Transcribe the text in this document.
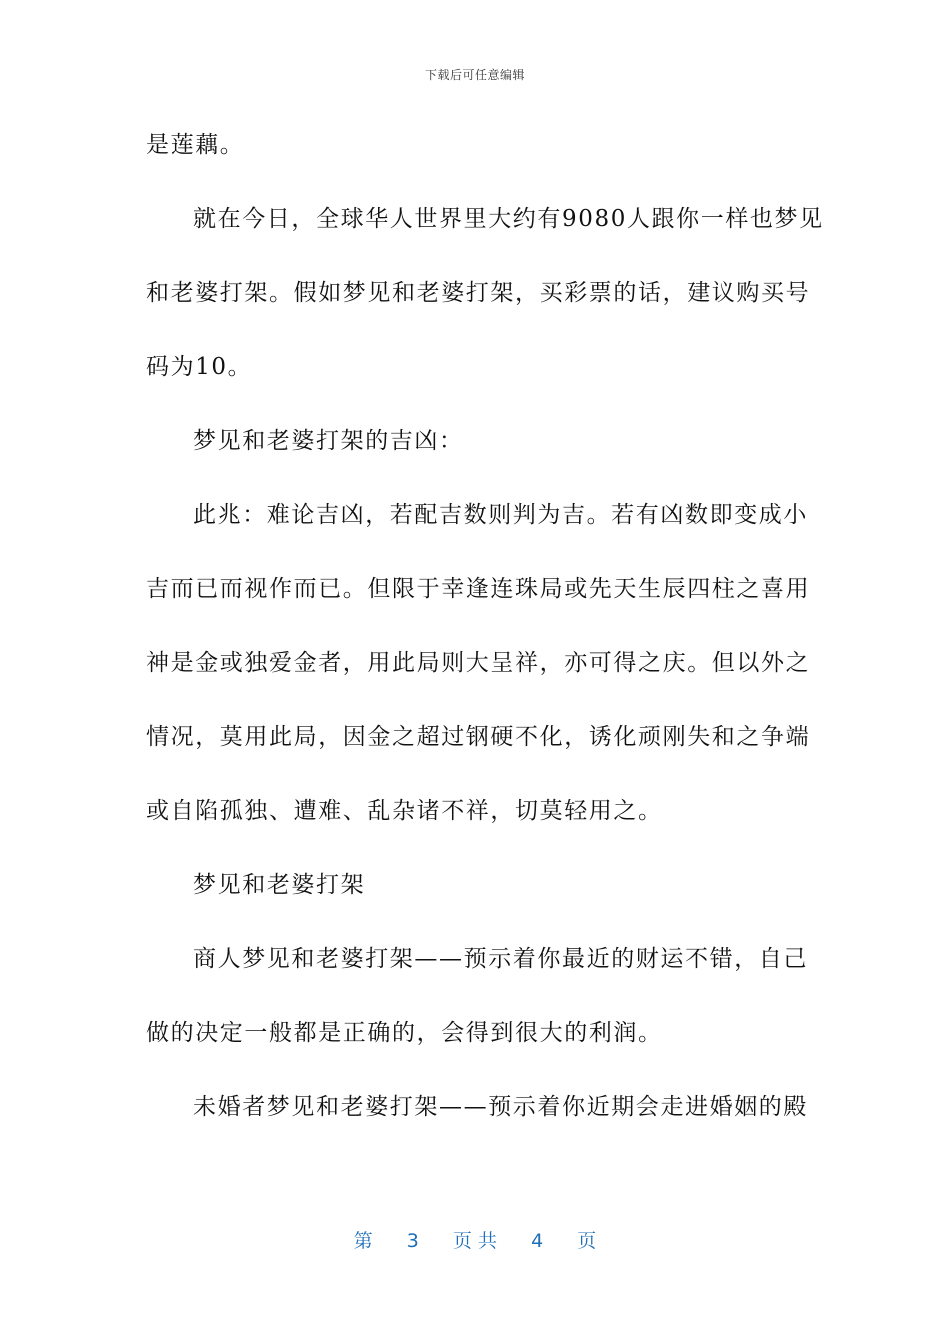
下载后可任意编辑
是莲藕。
就在今日，全球华人世界里大约有9080人跟你一样也梦见
和老婆打架。假如梦见和老婆打架，买彩票的话，建议购买号
码为10。
梦见和老婆打架的吉凶：
此兆：难论吉凶，若配吉数则判为吉。若有凶数即变成小
吉而已而视作而已。但限于幸逢连珠局或先天生辰四柱之喜用
神是金或独爱金者，用此局则大呈祥，亦可得之庆。但以外之
情况，莫用此局，因金之超过钢硬不化，诱化顽刚失和之争端
或自陷孤独、遭难、乱杂诸不祥，切莫轻用之。
梦见和老婆打架
商人梦见和老婆打架——预示着你最近的财运不错，自己
做的决定一般都是正确的，会得到很大的利润。
未婚者梦见和老婆打架——预示着你近期会走进婚姻的殿
第 3 页 共 4 页
